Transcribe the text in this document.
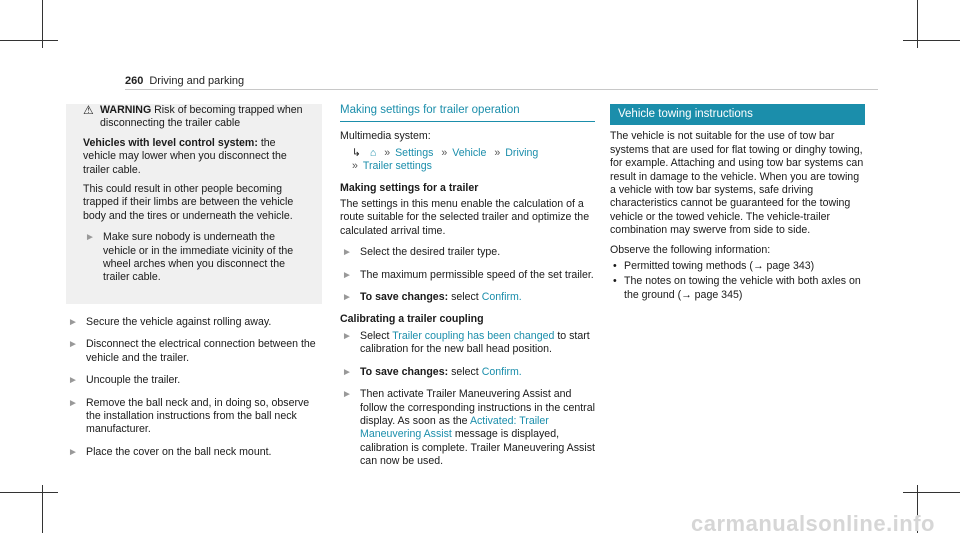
260 Driving and parking
⚠ WARNING Risk of becoming trapped when disconnecting the trailer cable

Vehicles with level control system: the vehicle may lower when you disconnect the trailer cable.

This could result in other people becoming trapped if their limbs are between the vehicle body and the tires or underneath the vehicle.

► Make sure nobody is underneath the vehicle or in the immediate vicinity of the wheel arches when you disconnect the trailer cable.
► Secure the vehicle against rolling away.
► Disconnect the electrical connection between the vehicle and the trailer.
► Uncouple the trailer.
► Remove the ball neck and, in doing so, observe the installation instructions from the ball neck manufacturer.
► Place the cover on the ball neck mount.
Making settings for trailer operation

Multimedia system:

↳ ⌂ » Settings » Vehicle » Driving
» Trailer settings
Making settings for a trailer

The settings in this menu enable the calculation of a route suitable for the selected trailer and optimize the calculated arrival time.

► Select the desired trailer type.
► The maximum permissible speed of the set trailer.
► To save changes: select Confirm.
Calibrating a trailer coupling
► Select Trailer coupling has been changed to start calibration for the new ball head position.
► To save changes: select Confirm.
► Then activate Trailer Maneuvering Assist and follow the corresponding instructions in the central display. As soon as the Activated: Trailer Maneuvering Assist message is displayed, calibration is complete. Trailer Maneuvering Assist can now be used.
Vehicle towing instructions

The vehicle is not suitable for the use of tow bar systems that are used for flat towing or dinghy towing, for example. Attaching and using tow bar systems can result in damage to the vehicle. When you are towing a vehicle with tow bar systems, safe driving characteristics cannot be guaranteed for the towing vehicle or the towed vehicle. The vehicle-trailer combination may swerve from side to side.

Observe the following information:

• Permitted towing methods (→ page 343)
• The notes on towing the vehicle with both axles on the ground (→ page 345)
carmanualsonline.info
